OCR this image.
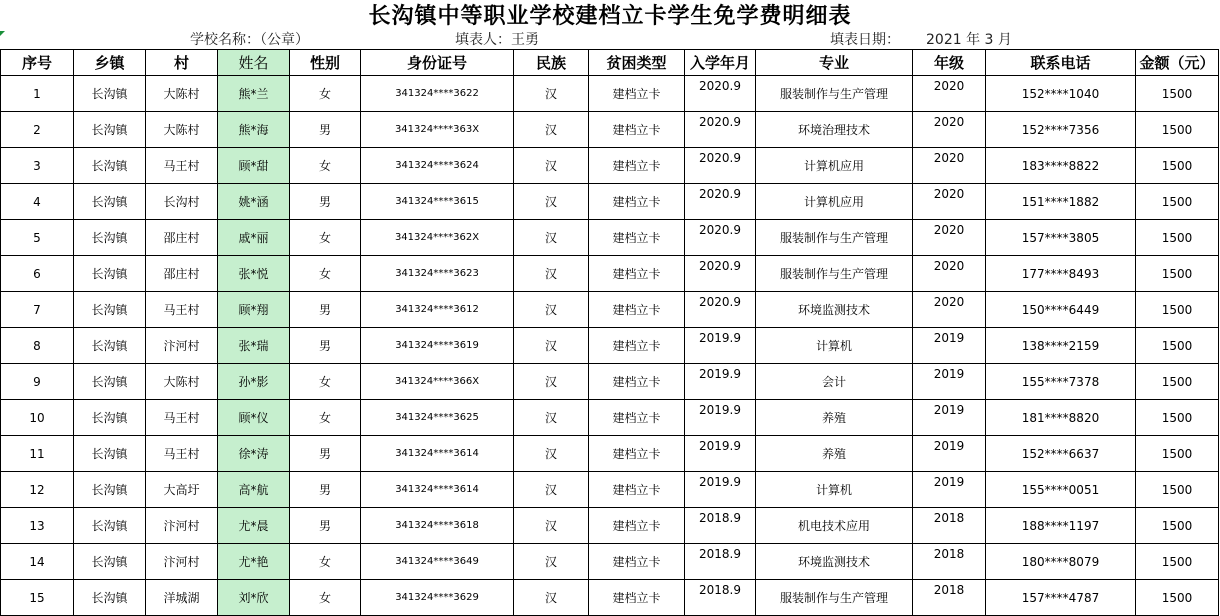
长沟镇中等职业学校建档立卡学生免学费明细表
学校名称：（公章）	填表人：王勇	填表日期： 2021 年 3 月
序号	乡镇	村	姓名	性别	身份证号	民族	贫困类型	入学年月	专业	年级	联系电话	金额（元）
1	长沟镇	大陈村	熊*兰	女	341324****3622	汉	建档立卡	2020.9	服装制作与生产管理	2020	152****1040	1500
2	长沟镇	大陈村	熊*海	男	341324****363X	汉	建档立卡	2020.9	环境治理技术	2020	152****7356	1500
3	长沟镇	马王村	顾*甜	女	341324****3624	汉	建档立卡	2020.9	计算机应用	2020	183****8822	1500
4	长沟镇	长沟村	姚*涵	男	341324****3615	汉	建档立卡	2020.9	计算机应用	2020	151****1882	1500
5	长沟镇	邵庄村	戚*丽	女	341324****362X	汉	建档立卡	2020.9	服装制作与生产管理	2020	157****3805	1500
6	长沟镇	邵庄村	张*悦	女	341324****3623	汉	建档立卡	2020.9	服装制作与生产管理	2020	177****8493	1500
7	长沟镇	马王村	顾*翔	男	341324****3612	汉	建档立卡	2020.9	环境监测技术	2020	150****6449	1500
8	长沟镇	汴河村	张*瑞	男	341324****3619	汉	建档立卡	2019.9	计算机	2019	138****2159	1500
9	长沟镇	大陈村	孙*影	女	341324****366X	汉	建档立卡	2019.9	会计	2019	155****7378	1500
10	长沟镇	马王村	顾*仪	女	341324****3625	汉	建档立卡	2019.9	养殖	2019	181****8820	1500
11	长沟镇	马王村	徐*涛	男	341324****3614	汉	建档立卡	2019.9	养殖	2019	152****6637	1500
12	长沟镇	大高圩	高*航	男	341324****3614	汉	建档立卡	2019.9	计算机	2019	155****0051	1500
13	长沟镇	汴河村	尤*晨	男	341324****3618	汉	建档立卡	2018.9	机电技术应用	2018	188****1197	1500
14	长沟镇	汴河村	尤*艳	女	341324****3649	汉	建档立卡	2018.9	环境监测技术	2018	180****8079	1500
15	长沟镇	洋城湖	刘*欣	女	341324****3629	汉	建档立卡	2018.9	服装制作与生产管理	2018	157****4787	1500
